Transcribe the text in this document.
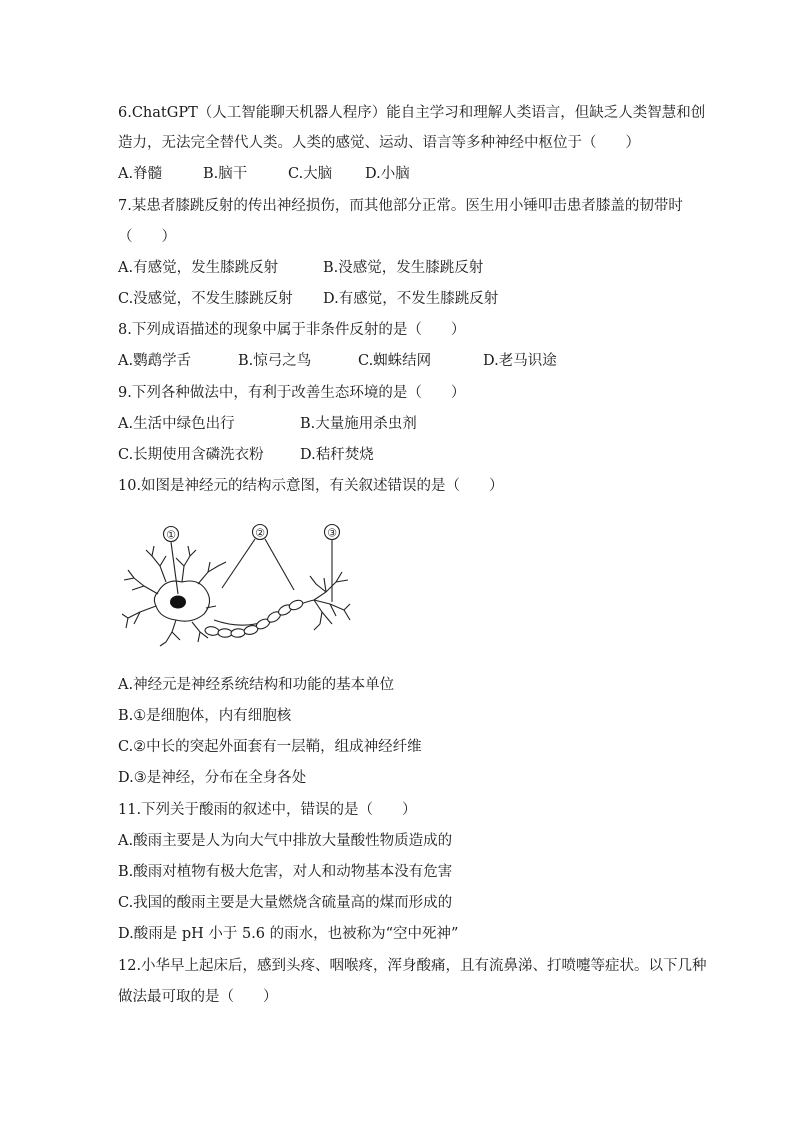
6.ChatGPT（人工智能聊天机器人程序）能自主学习和理解人类语言，但缺乏人类智慧和创
造力，无法完全替代人类。人类的感觉、运动、语言等多种神经中枢位于（　　）
A.脊髓	B.脑干	C.大脑 D.小脑
7.某患者膝跳反射的传出神经损伤，而其他部分正常。医生用小锤叩击患者膝盖的韧带时
（　　）
A.有感觉，发生膝跳反射	B.没感觉，发生膝跳反射
C.没感觉，不发生膝跳反射 D.有感觉，不发生膝跳反射
8.下列成语描述的现象中属于非条件反射的是（　　）
A.鹦鹉学舌	B.惊弓之鸟	C.蜘蛛结网	D.老马识途
9.下列各种做法中，有利于改善生态环境的是（　　）
A.生活中绿色出行	B.大量施用杀虫剂
C.长期使用含磷洗衣粉	D.秸秆焚烧
10.如图是神经元的结构示意图，有关叙述错误的是（　　）
①	②	③
A.神经元是神经系统结构和功能的基本单位
B.①是细胞体，内有细胞核
C.②中长的突起外面套有一层鞘，组成神经纤维
D.③是神经，分布在全身各处
11.下列关于酸雨的叙述中，错误的是（　　）
A.酸雨主要是人为向大气中排放大量酸性物质造成的
B.酸雨对植物有极大危害，对人和动物基本没有危害
C.我国的酸雨主要是大量燃烧含硫量高的煤而形成的
D.酸雨是 pH 小于 5.6 的雨水，也被称为“空中死神”
12.小华早上起床后，感到头疼、咽喉疼，浑身酸痛，且有流鼻涕、打喷嚏等症状。以下几种
做法最可取的是（　　）
